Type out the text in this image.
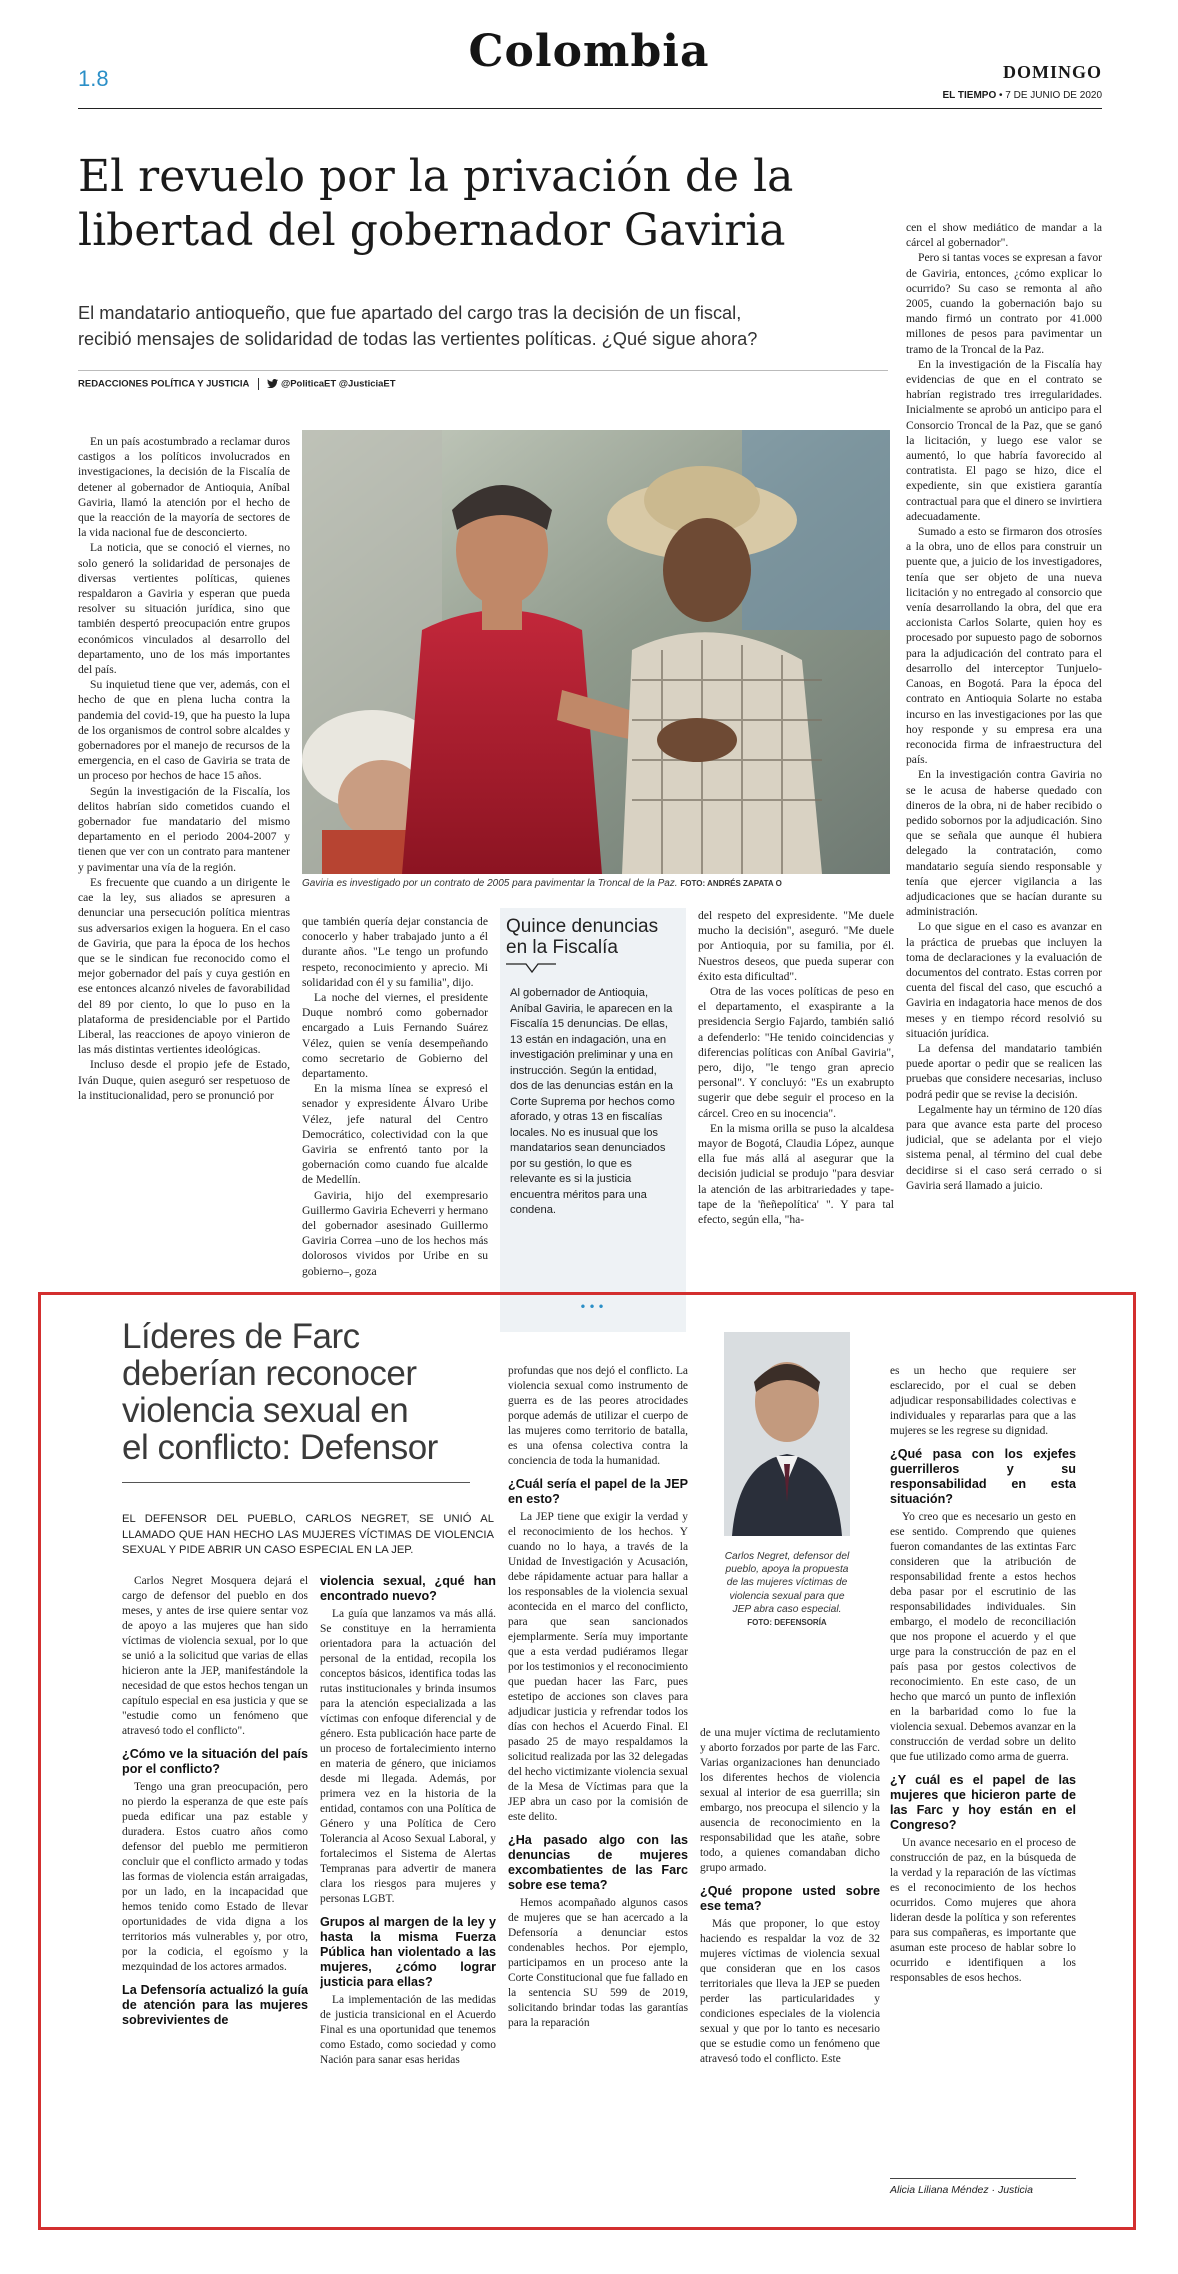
1.8
Colombia	DOMINGO
EL TIEMPO • 7 DE JUNIO DE 2020
El revuelo por la privación de la
libertad del gobernador Gaviria
El mandatario antioqueño, que fue apartado del cargo tras la decisión de un fiscal,
recibió mensajes de solidaridad de todas las vertientes políticas. ¿Qué sigue ahora?
REDACCIONES POLÍTICA Y JUSTICIA	@PoliticaET @JusticiaET
Gaviria es investigado por un contrato de 2005 para pavimentar la Troncal de la Paz. FOTO: ANDRÉS ZAPATA O

En un país acostumbrado a reclamar duros castigos a los políticos involucrados en investigaciones, la decisión de la Fiscalía de detener al gobernador de Antioquia, Aníbal Gaviria, llamó la atención por el hecho de que la reacción de la mayoría de sectores de la vida nacional fue de desconcierto.

La noticia, que se conoció el viernes, no solo generó la solidaridad de personajes de diversas vertientes políticas, quienes respaldaron a Gaviria y esperan que pueda resolver su situación jurídica, sino que también despertó preocupación entre grupos económicos vinculados al desarrollo del departamento, uno de los más importantes del país.

Su inquietud tiene que ver, además, con el hecho de que en plena lucha contra la pandemia del covid-19, que ha puesto la lupa de los organismos de control sobre alcaldes y gobernadores por el manejo de recursos de la emergencia, en el caso de Gaviria se trata de un proceso por hechos de hace 15 años.

Según la investigación de la Fiscalía, los delitos habrían sido cometidos cuando el gobernador fue mandatario del mismo departamento en el periodo 2004-2007 y tienen que ver con un contrato para mantener y pavimentar una vía de la región.

Es frecuente que cuando a un dirigente le cae la ley, sus aliados se apresuren a denunciar una persecución política mientras sus adversarios exigen la hoguera. En el caso de Gaviria, que para la época de los hechos que se le sindican fue reconocido como el mejor gobernador del país y cuya gestión en ese entonces alcanzó niveles de favorabilidad del 89 por ciento, lo que lo puso en la plataforma de presidenciable por el Partido Liberal, las reacciones de apoyo vinieron de las más distintas vertientes ideológicas.

Incluso desde el propio jefe de Estado, Iván Duque, quien aseguró ser respetuoso de la institucionalidad, pero se pronunció por

que también quería dejar constancia de conocerlo y haber trabajado junto a él durante años. "Le tengo un profundo respeto, reconocimiento y aprecio. Mi solidaridad con él y su familia", dijo.

La noche del viernes, el presidente Duque nombró como gobernador encargado a Luis Fernando Suárez Vélez, quien se venía desempeñando como secretario de Gobierno del departamento.

En la misma línea se expresó el senador y expresidente Álvaro Uribe Vélez, jefe natural del Centro Democrático, colectividad con la que Gaviria se enfrentó tanto por la gobernación como cuando fue alcalde de Medellín.

Gaviria, hijo del exempresario Guillermo Gaviria Echeverri y hermano del gobernador asesinado Guillermo Gaviria Correa –uno de los hechos más dolorosos vividos por Uribe en su gobierno–, goza

Quince denuncias
en la Fiscalía
Al gobernador de Antioquia, Aníbal Gaviria, le aparecen en la Fiscalía 15 denuncias. De ellas, 13 están en indagación, una en investigación preliminar y una en instrucción. Según la entidad, dos de las denuncias están en la Corte Suprema por hechos como aforado, y otras 13 en fiscalías locales. No es inusual que los mandatarios sean denunciados por su gestión, lo que es relevante es si la justicia encuentra méritos para una condena.
•••

del respeto del expresidente. "Me duele mucho la decisión", aseguró. "Me duele por Antioquia, por su familia, por él. Nuestros deseos, que pueda superar con éxito esta dificultad".

Otra de las voces políticas de peso en el departamento, el exaspirante a la presidencia Sergio Fajardo, también salió a defenderlo: "He tenido coincidencias y diferencias políticas con Aníbal Gaviria", pero, dijo, "le tengo gran aprecio personal". Y concluyó: "Es un exabrupto sugerir que debe seguir el proceso en la cárcel. Creo en su inocencia".

En la misma orilla se puso la alcaldesa mayor de Bogotá, Claudia López, aunque ella fue más allá al asegurar que la decisión judicial se produjo "para desviar la atención de las arbitrariedades y tape-tape de la 'ñeñepolítica' ". Y para tal efecto, según ella, "ha-

cen el show mediático de mandar a la cárcel al gobernador".

Pero si tantas voces se expresan a favor de Gaviria, entonces, ¿cómo explicar lo ocurrido? Su caso se remonta al año 2005, cuando la gobernación bajo su mando firmó un contrato por 41.000 millones de pesos para pavimentar un tramo de la Troncal de la Paz.

En la investigación de la Fiscalía hay evidencias de que en el contrato se habrían registrado tres irregularidades. Inicialmente se aprobó un anticipo para el Consorcio Troncal de la Paz, que se ganó la licitación, y luego ese valor se aumentó, lo que habría favorecido al contratista. El pago se hizo, dice el expediente, sin que existiera garantía contractual para que el dinero se invirtiera adecuadamente.

Sumado a esto se firmaron dos otrosíes a la obra, uno de ellos para construir un puente que, a juicio de los investigadores, tenía que ser objeto de una nueva licitación y no entregado al consorcio que venía desarrollando la obra, del que era accionista Carlos Solarte, quien hoy es procesado por supuesto pago de sobornos para la adjudicación del contrato para el desarrollo del interceptor Tunjuelo-Canoas, en Bogotá. Para la época del contrato en Antioquia Solarte no estaba incurso en las investigaciones por las que hoy responde y su empresa era una reconocida firma de infraestructura del país.

En la investigación contra Gaviria no se le acusa de haberse quedado con dineros de la obra, ni de haber recibido o pedido sobornos por la adjudicación. Sino que se señala que aunque él hubiera delegado la contratación, como mandatario seguía siendo responsable y tenía que ejercer vigilancia a las adjudicaciones que se hacían durante su administración.

Lo que sigue en el caso es avanzar en la práctica de pruebas que incluyen la toma de declaraciones y la evaluación de documentos del contrato. Estas corren por cuenta del fiscal del caso, que escuchó a Gaviria en indagatoria hace menos de dos meses y en tiempo récord resolvió su situación jurídica.

La defensa del mandatario también puede aportar o pedir que se realicen las pruebas que considere necesarias, incluso podrá pedir que se revise la decisión.

Legalmente hay un término de 120 días para que avance esta parte del proceso judicial, que se adelanta por el viejo sistema penal, al término del cual debe decidirse si el caso será cerrado o si Gaviria será llamado a juicio.

Líderes de Farc
deberían reconocer
violencia sexual en
el conflicto: Defensor
EL DEFENSOR DEL PUEBLO, CARLOS NEGRET, SE UNIÓ AL LLAMADO QUE HAN HECHO LAS MUJERES VÍCTIMAS DE VIOLENCIA SEXUAL Y PIDE ABRIR UN CASO ESPECIAL EN LA JEP.

Carlos Negret Mosquera dejará el cargo de defensor del pueblo en dos meses, y antes de irse quiere sentar voz de apoyo a las mujeres que han sido víctimas de violencia sexual, por lo que se unió a la solicitud que varias de ellas hicieron ante la JEP, manifestándole la necesidad de que estos hechos tengan un capítulo especial en esa justicia y que se "estudie como un fenómeno que atravesó todo el conflicto".

¿Cómo ve la situación del país por el conflicto?

Tengo una gran preocupación, pero no pierdo la esperanza de que este país pueda edificar una paz estable y duradera. Estos cuatro años como defensor del pueblo me permitieron concluir que el conflicto armado y todas las formas de violencia están arraigadas, por un lado, en la incapacidad que hemos tenido como Estado de llevar oportunidades de vida digna a los territorios más vulnerables y, por otro, por la codicia, el egoísmo y la mezquindad de los actores armados.

La Defensoría actualizó la guía de atención para las mujeres sobrevivientes de
violencia sexual, ¿qué han encontrado nuevo?

La guía que lanzamos va más allá. Se constituye en la herramienta orientadora para la actuación del personal de la entidad, recopila los conceptos básicos, identifica todas las rutas institucionales y brinda insumos para la atención especializada a las víctimas con enfoque diferencial y de género. Esta publicación hace parte de un proceso de fortalecimiento interno en materia de género, que iniciamos desde mi llegada. Además, por primera vez en la historia de la entidad, contamos con una Política de Género y una Política de Cero Tolerancia al Acoso Sexual Laboral, y fortalecimos el Sistema de Alertas Tempranas para advertir de manera clara los riesgos para mujeres y personas LGBT.

Grupos al margen de la ley y hasta la misma Fuerza Pública han violentado a las mujeres, ¿cómo lograr justicia para ellas?

La implementación de las medidas de justicia transicional en el Acuerdo Final es una oportunidad que tenemos como Estado, como sociedad y como Nación para sanar esas heridas

profundas que nos dejó el conflicto. La violencia sexual como instrumento de guerra es de las peores atrocidades porque además de utilizar el cuerpo de las mujeres como territorio de batalla, es una ofensa colectiva contra la conciencia de toda la humanidad.

¿Cuál sería el papel de la JEP en esto?

La JEP tiene que exigir la verdad y el reconocimiento de los hechos. Y cuando no lo haya, a través de la Unidad de Investigación y Acusación, debe rápidamente actuar para hallar a los responsables de la violencia sexual acontecida en el marco del conflicto, para que sean sancionados ejemplarmente. Sería muy importante que a esta verdad pudiéramos llegar por los testimonios y el reconocimiento que puedan hacer las Farc, pues estetipo de acciones son claves para adjudicar justicia y refrendar todos los días con hechos el Acuerdo Final. El pasado 25 de mayo respaldamos la solicitud realizada por las 32 delegadas del hecho victimizante violencia sexual de la Mesa de Víctimas para que la JEP abra un caso por la comisión de este delito.

¿Ha pasado algo con las denuncias de mujeres excombatientes de las Farc sobre ese tema?

Hemos acompañado algunos casos de mujeres que se han acercado a la Defensoría a denunciar estos condenables hechos. Por ejemplo, participamos en un proceso ante la Corte Constitucional que fue fallado en la sentencia SU 599 de 2019, solicitando brindar todas las garantías para la reparación

Carlos Negret, defensor del pueblo, apoya la propuesta de las mujeres víctimas de violencia sexual para que JEP abra caso especial. FOTO: DEFENSORÍA

de una mujer víctima de reclutamiento y aborto forzados por parte de las Farc. Varias organizaciones han denunciado los diferentes hechos de violencia sexual al interior de esa guerrilla; sin embargo, nos preocupa el silencio y la ausencia de reconocimiento en la responsabilidad que les atañe, sobre todo, a quienes comandaban dicho grupo armado.

¿Qué propone usted sobre ese tema?

Más que proponer, lo que estoy haciendo es respaldar la voz de 32 mujeres víctimas de violencia sexual que consideran que en los casos territoriales que lleva la JEP se pueden perder las particularidades y condiciones especiales de la violencia sexual y que por lo tanto es necesario que se estudie como un fenómeno que atravesó todo el conflicto. Este

es un hecho que requiere ser esclarecido, por el cual se deben adjudicar responsabilidades colectivas e individuales y repararlas para que a las mujeres se les regrese su dignidad.

¿Qué pasa con los exjefes guerrilleros y su responsabilidad en esta situación?

Yo creo que es necesario un gesto en ese sentido. Comprendo que quienes fueron comandantes de las extintas Farc consideren que la atribución de responsabilidad frente a estos hechos deba pasar por el escrutinio de las responsabilidades individuales. Sin embargo, el modelo de reconciliación que nos propone el acuerdo y el que urge para la construcción de paz en el país pasa por gestos colectivos de reconocimiento. En este caso, de un hecho que marcó un punto de inflexión en la barbaridad como lo fue la violencia sexual. Debemos avanzar en la construcción de verdad sobre un delito que fue utilizado como arma de guerra.

¿Y cuál es el papel de las mujeres que hicieron parte de las Farc y hoy están en el Congreso?

Un avance necesario en el proceso de construcción de paz, en la búsqueda de la verdad y la reparación de las víctimas es el reconocimiento de los hechos ocurridos. Como mujeres que ahora lideran desde la política y son referentes para sus compañeras, es importante que asuman este proceso de hablar sobre lo ocurrido e identifiquen a los responsables de esos hechos.

Alicia Liliana Méndez · Justicia
